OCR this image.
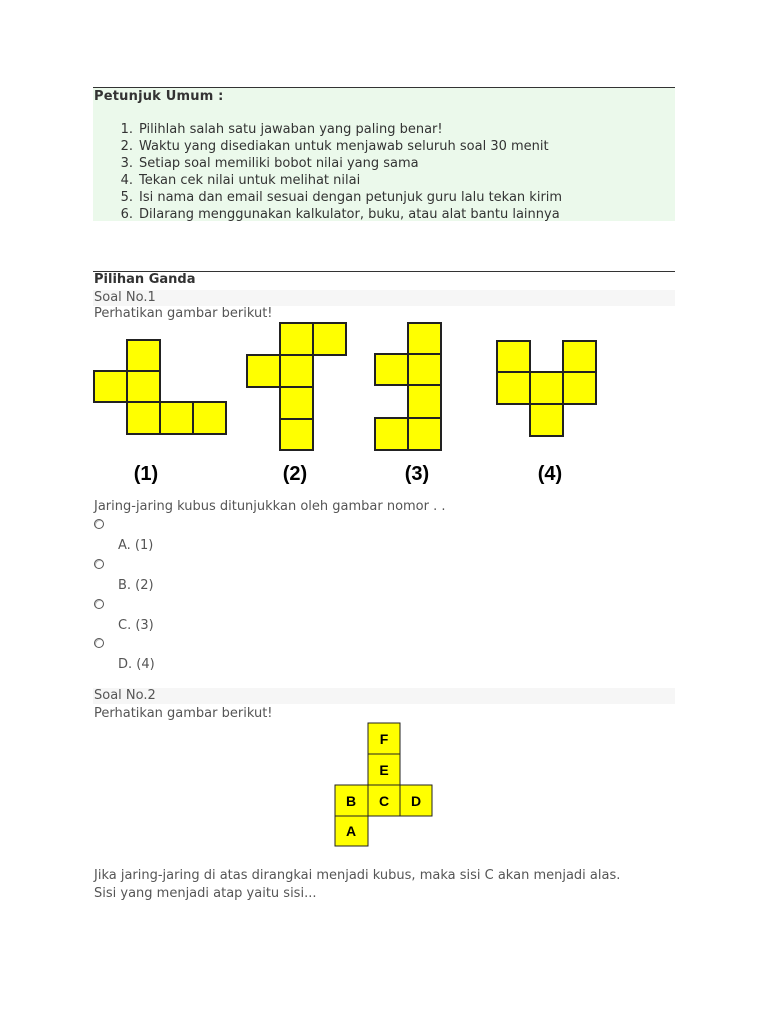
Petunjuk Umum :
1. Pilihlah salah satu jawaban yang paling benar!
2. Waktu yang disediakan untuk menjawab seluruh soal 30 menit
3. Setiap soal memiliki bobot nilai yang sama
4. Tekan cek nilai untuk melihat nilai
5. Isi nama dan email sesuai dengan petunjuk guru lalu tekan kirim
6. Dilarang menggunakan kalkulator, buku, atau alat bantu lainnya
Pilihan Ganda
Soal No.1
Perhatikan gambar berikut!
(1)	(2)	(3)	(4)
Jaring-jaring kubus ditunjukkan oleh gambar nomor . .
A. (1)
B. (2)
C. (3)
D. (4)
Soal No.2
Perhatikan gambar berikut!
F
E
B C D
A
Jika jaring-jaring di atas dirangkai menjadi kubus, maka sisi C akan menjadi alas.
Sisi yang menjadi atap yaitu sisi...
